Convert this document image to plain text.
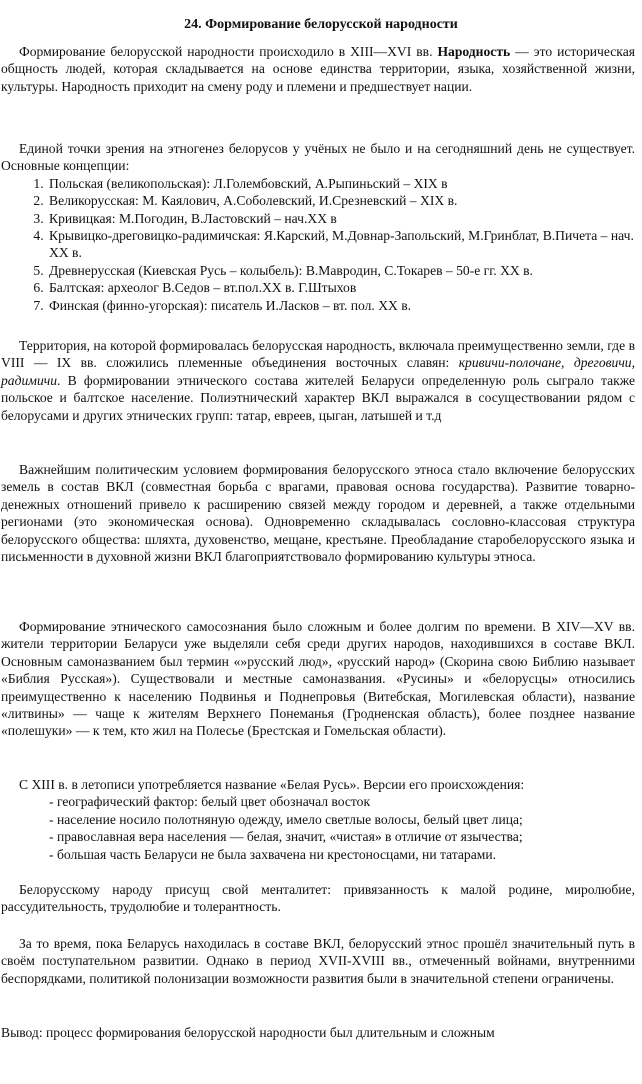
24. Формирование белорусской народности

Формирование белорусской народности происходило в XIII—XVI вв. Народность — это историческая общность людей, которая складывается на основе единства территории, языка, хозяйственной жизни, культуры. Народность приходит на смену роду и племени и предшествует нации.

Единой точки зрения на этногенез белорусов у учёных не было и на сегодняшний день не существует. Основные концепции:

1. Польская (великопольская): Л.Голембовский, А.Рыпиньский – XIX в
2. Великорусская: М. Каялович, А.Соболевский, И.Срезневский – XIX в.
3. Кривицкая: М.Погодин, В.Ластовский – нач.XX в
4. Крывицко-дреговицко-радимичская: Я.Карский, М.Довнар-Запольский, М.Гринблат, В.Пичета – нач. XX в.
5. Древнерусская (Киевская Русь – колыбель): В.Мавродин, С.Токарев – 50-е гг. XX в.
6. Балтская: археолог В.Седов – вт.пол.XX в. Г.Штыхов
7. Финская (финно-угорская): писатель И.Ласков – вт. пол. XX в.

Территория, на которой формировалась белорусская народность, включала преимущественно земли, где в VIII — IX вв. сложились племенные объединения восточных славян: кривичи-полочане, дреговичи, радимичи. В формировании этнического состава жителей Беларуси определенную роль сыграло также польское и балтское население. Полиэтнический характер ВКЛ выражался в сосуществовании рядом с белорусами и других этнических групп: татар, евреев, цыган, латышей и т.д

Важнейшим политическим условием формирования белорусского этноса стало включение белорусских земель в состав ВКЛ (совместная борьба с врагами, правовая основа государства). Развитие товарно-денежных отношений привело к расширению связей между городом и деревней, а также отдельными регионами (это экономическая основа). Одновременно складывалась сословно-классовая структура белорусского общества: шляхта, духовенство, мещане, крестьяне. Преобладание старобелорусского языка и письменности в духовной жизни ВКЛ благоприятствовало формированию культуры этноса.

Формирование этнического самосознания было сложным и более долгим по времени. В XIV—XV вв. жители территории Беларуси уже выделяли себя среди других народов, находившихся в составе ВКЛ. Основным самоназванием был термин «»русский люд», «русский народ» (Скорина свою Библию называет «Библия Русская»). Существовали и местные самоназвания. «Русины» и «белорусцы» относились преимущественно к населению Подвинья и Поднепровья (Витебская, Могилевская области), название «литвины» — чаще к жителям Верхнего Понеманья (Гродненская область), более позднее название «полешуки» — к тем, кто жил на Полесье (Брестская и Гомельская области).

С XIII в. в летописи употребляется название «Белая Русь». Версии его происхождения:

- географический фактор: белый цвет обозначал восток
- население носило полотняную одежду, имело светлые волосы, белый цвет лица;
- православная вера населения — белая, значит, «чистая» в отличие от язычества;
- большая часть Беларуси не была захвачена ни крестоносцами, ни татарами.

Белорусскому народу присущ свой менталитет: привязанность к малой родине, миролюбие, рассудительность, трудолюбие и толерантность.

За то время, пока Беларусь находилась в составе ВКЛ, белорусский этнос прошёл значительный путь в своём поступательном развитии. Однако в период XVII-XVIII вв., отмеченный войнами, внутренними беспорядками, политикой полонизации возможности развития были в значительной степени ограничены.

Вывод: процесс формирования белорусской народности был длительным и сложным
